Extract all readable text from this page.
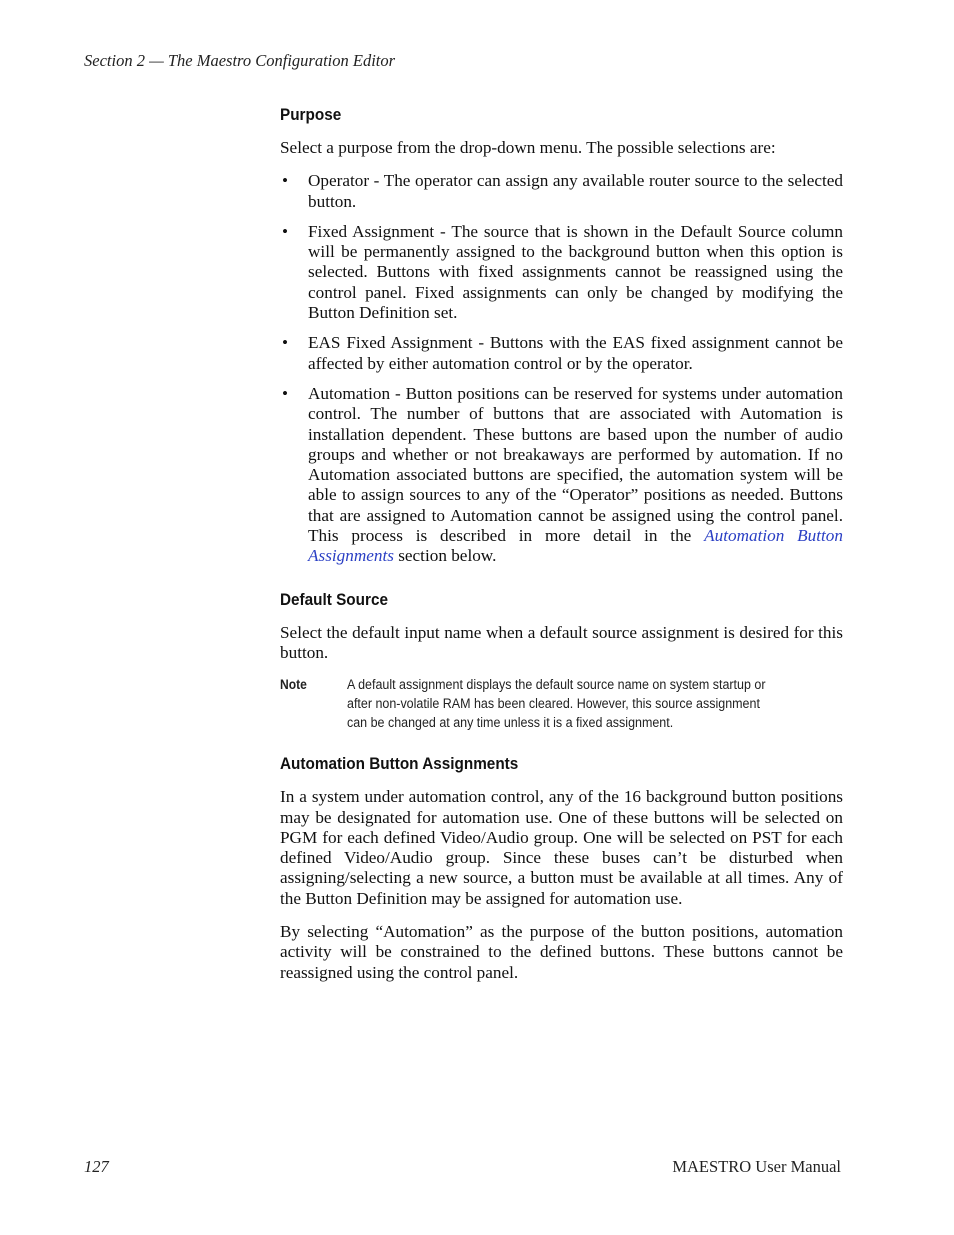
Section 2 — The Maestro Configuration Editor
Purpose

Select a purpose from the drop-down menu. The possible selections are:

• Operator - The operator can assign any available router source to the selected button.
• Fixed Assignment - The source that is shown in the Default Source column will be permanently assigned to the background button when this option is selected. Buttons with fixed assignments cannot be reassigned using the control panel. Fixed assignments can only be changed by modifying the Button Definition set.
• EAS Fixed Assignment - Buttons with the EAS fixed assignment cannot be affected by either automation control or by the operator.
• Automation - Button positions can be reserved for systems under automation control. The number of buttons that are associated with Automation is installation dependent. These buttons are based upon the number of audio groups and whether or not breakaways are performed by automation. If no Automation associated buttons are specified, the automation system will be able to assign sources to any of the “Operator” positions as needed. Buttons that are assigned to Automation cannot be assigned using the control panel. This process is described in more detail in the Automation Button Assignments section below.
Default Source

Select the default input name when a default source assignment is desired for this button.

Note	A default assignment displays the default source name on system startup or after non-volatile RAM has been cleared. However, this source assignment can be changed at any time unless it is a fixed assignment.
Automation Button Assignments

In a system under automation control, any of the 16 background button positions may be designated for automation use. One of these buttons will be selected on PGM for each defined Video/Audio group. One will be selected on PST for each defined Video/Audio group. Since these buses can’t be disturbed when assigning/selecting a new source, a button must be available at all times. Any of the Button Definition may be assigned for automation use.

By selecting “Automation” as the purpose of the button positions, automation activity will be constrained to the defined buttons. These buttons cannot be reassigned using the control panel.

127	MAESTRO User Manual
